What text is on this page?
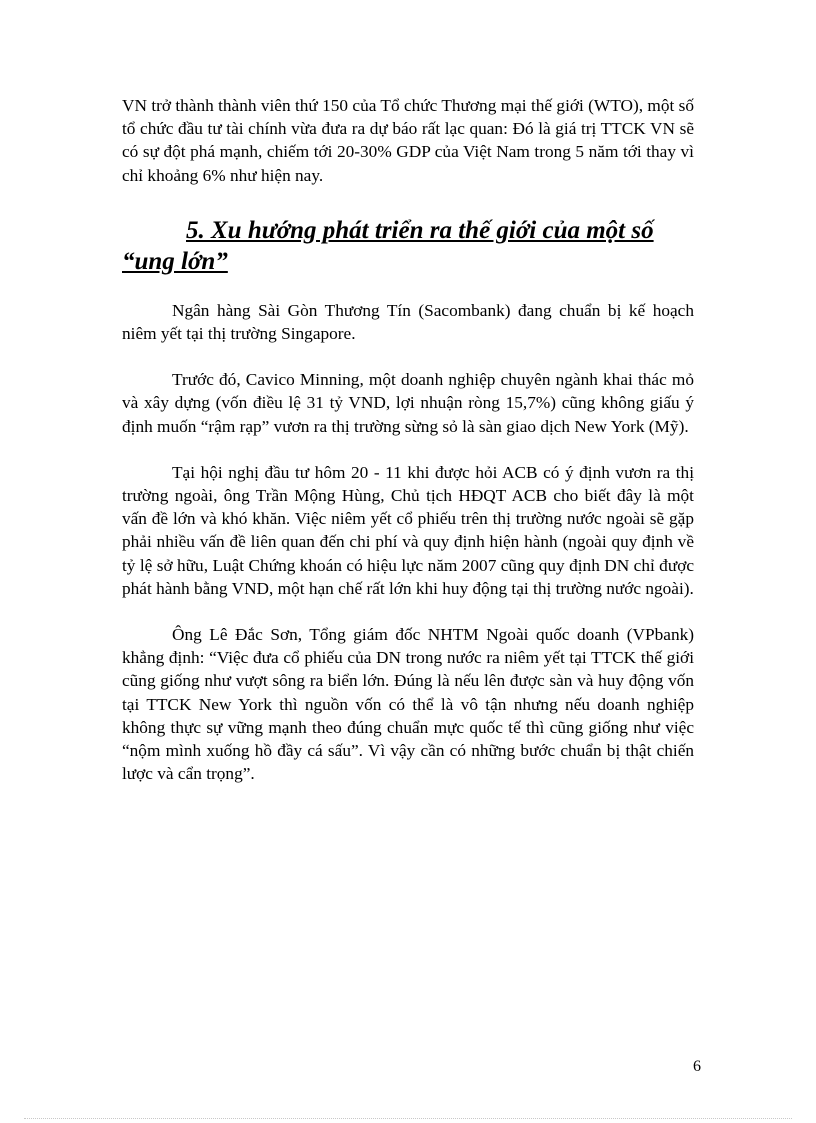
VN trở thành thành viên thứ 150 của Tổ chức Thương mại thế giới (WTO), một số tổ chức đầu tư tài chính vừa đưa ra dự báo rất lạc quan: Đó là giá trị TTCK VN sẽ có sự đột phá mạnh, chiếm tới 20-30% GDP của Việt Nam trong 5 năm tới thay vì chỉ khoảng 6% như hiện nay.

5. Xu hướng phát triển ra thế giới của một số “ung lớn”

Ngân hàng Sài Gòn Thương Tín (Sacombank) đang chuẩn bị kế hoạch niêm yết tại thị trường Singapore.

Trước đó, Cavico Minning, một doanh nghiệp chuyên ngành khai thác mỏ và xây dựng (vốn điều lệ 31 tỷ VND, lợi nhuận ròng 15,7%) cũng không giấu ý định muốn “rậm rạp” vươn ra thị trường sừng sỏ là sàn giao dịch New York (Mỹ).

Tại hội nghị đầu tư hôm 20 - 11 khi được hỏi ACB có ý định vươn ra thị trường ngoài, ông Trần Mộng Hùng, Chủ tịch HĐQT ACB cho biết đây là một vấn đề lớn và khó khăn. Việc niêm yết cổ phiếu trên thị trường nước ngoài sẽ gặp phải nhiều vấn đề liên quan đến chi phí và quy định hiện hành (ngoài quy định về tỷ lệ sở hữu, Luật Chứng khoán có hiệu lực năm 2007 cũng quy định DN chỉ được phát hành bằng VND, một hạn chế rất lớn khi huy động tại thị trường nước ngoài).

Ông Lê Đắc Sơn, Tổng giám đốc NHTM Ngoài quốc doanh (VPbank) khẳng định: “Việc đưa cổ phiếu của DN trong nước ra niêm yết tại TTCK thế giới cũng giống như vượt sông ra biển lớn. Đúng là nếu lên được sàn và huy động vốn tại TTCK New York thì nguồn vốn có thể là vô tận nhưng nếu doanh nghiệp không thực sự vững mạnh theo đúng chuẩn mực quốc tế thì cũng giống như việc “nộm mình xuống hồ đầy cá sấu”. Vì vậy cần có những bước chuẩn bị thật chiến lược và cẩn trọng”.

6
